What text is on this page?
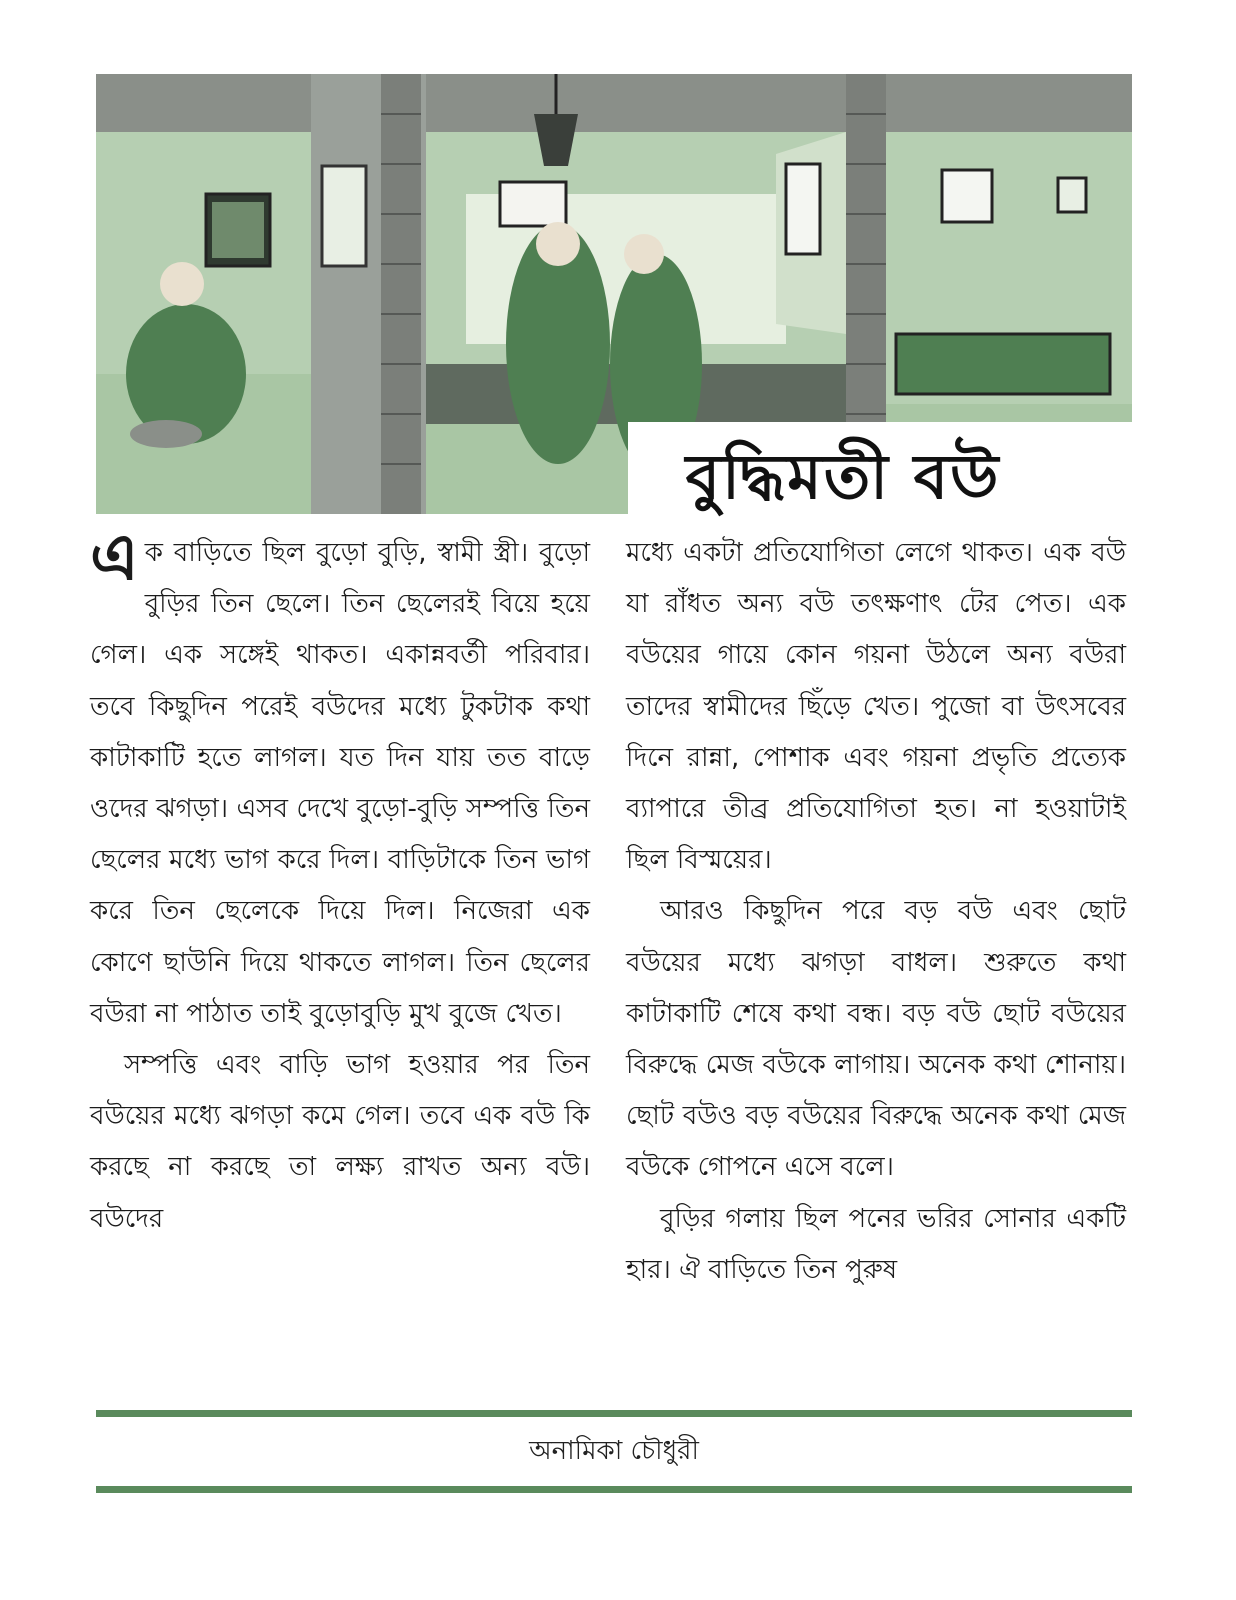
বুদ্ধিমতী বউ

এক বাড়িতে ছিল বুড়ো বুড়ি, স্বামী স্ত্রী। বুড়ো বুড়ির তিন ছেলে। তিন ছেলেরই বিয়ে হয়ে গেল। এক সঙ্গেই থাকত। একান্নবর্তী পরিবার। তবে কিছুদিন পরেই বউদের মধ্যে টুকটাক কথা কাটাকাটি হতে লাগল। যত দিন যায় তত বাড়ে ওদের ঝগড়া। এসব দেখে বুড়ো-বুড়ি সম্পত্তি তিন ছেলের মধ্যে ভাগ করে দিল। বাড়িটাকে তিন ভাগ করে তিন ছেলেকে দিয়ে দিল। নিজেরা এক কোণে ছাউনি দিয়ে থাকতে লাগল। তিন ছেলের বউরা না পাঠাত তাই বুড়োবুড়ি মুখ বুজে খেত।

সম্পত্তি এবং বাড়ি ভাগ হওয়ার পর তিন বউয়ের মধ্যে ঝগড়া কমে গেল। তবে এক বউ কি করছে না করছে তা লক্ষ্য রাখত অন্য বউ। বউদের

মধ্যে একটা প্রতিযোগিতা লেগে থাকত। এক বউ যা রাঁধত অন্য বউ তৎক্ষণাৎ টের পেত। এক বউয়ের গায়ে কোন গয়না উঠলে অন্য বউরা তাদের স্বামীদের ছিঁড়ে খেত। পুজো বা উৎসবের দিনে রান্না, পোশাক এবং গয়না প্রভৃতি প্রত্যেক ব্যাপারে তীব্র প্রতিযোগিতা হত। না হওয়াটাই ছিল বিস্ময়ের।

আরও কিছুদিন পরে বড় বউ এবং ছোট বউয়ের মধ্যে ঝগড়া বাধল। শুরুতে কথা কাটাকাটি শেষে কথা বন্ধ। বড় বউ ছোট বউয়ের বিরুদ্ধে মেজ বউকে লাগায়। অনেক কথা শোনায়। ছোট বউও বড় বউয়ের বিরুদ্ধে অনেক কথা মেজ বউকে গোপনে এসে বলে।

বুড়ির গলায় ছিল পনের ভরির সোনার একটি হার। ঐ বাড়িতে তিন পুরুষ

অনামিকা চৌধুরী
